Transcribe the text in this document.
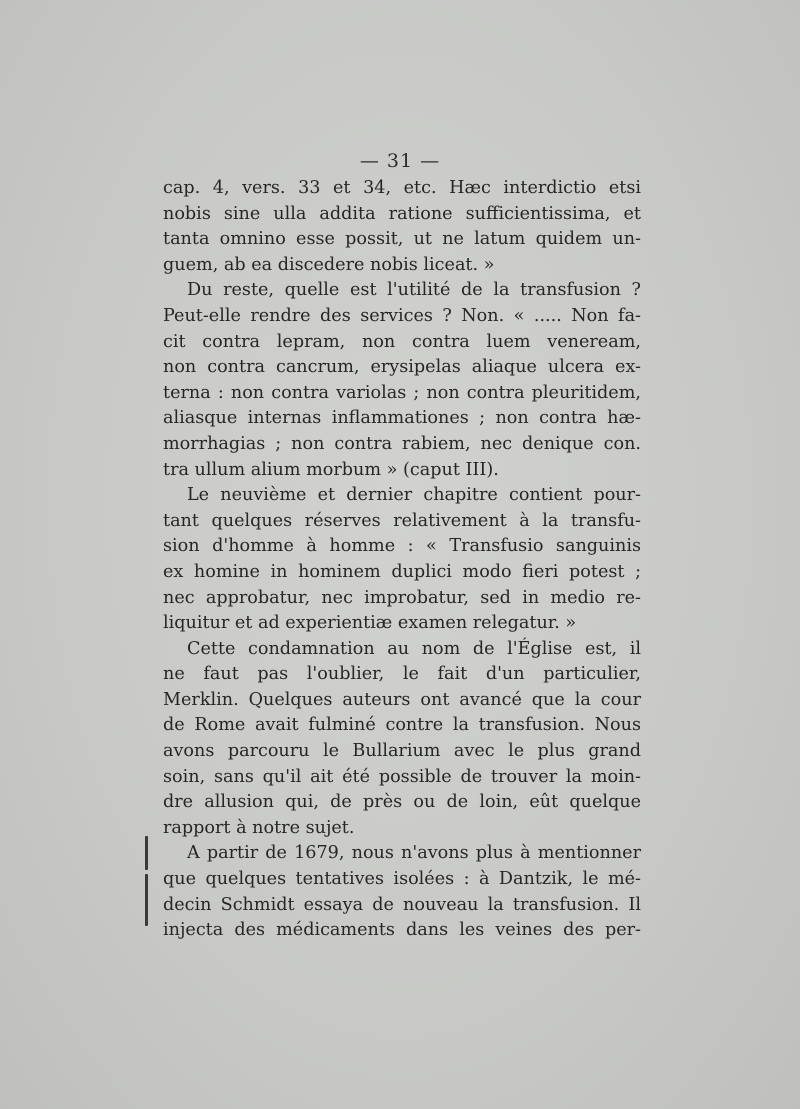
— 31 —
cap. 4, vers. 33 et 34, etc. Hæc interdictio etsi
nobis sine ulla addita ratione sufficientissima, et
tanta omnino esse possit, ut ne latum quidem un-
guem, ab ea discedere nobis liceat. »
Du reste, quelle est l'utilité de la transfusion ?
Peut-elle rendre des services ? Non. « ..... Non fa-
cit contra lepram, non contra luem veneream,
non contra cancrum, erysipelas aliaque ulcera ex-
terna : non contra variolas ; non contra pleuritidem,
aliasque internas inflammationes ; non contra hæ-
morrhagias ; non contra rabiem, nec denique con.
tra ullum alium morbum » (caput III).
Le neuvième et dernier chapitre contient pour-
tant quelques réserves relativement à la transfu-
sion d'homme à homme : « Transfusio sanguinis
ex homine in hominem duplici modo fieri potest ;
nec approbatur, nec improbatur, sed in medio re-
liquitur et ad experientiæ examen relegatur. »
Cette condamnation au nom de l'Église est, il
ne faut pas l'oublier, le fait d'un particulier,
Merklin. Quelques auteurs ont avancé que la cour
de Rome avait fulminé contre la transfusion. Nous
avons parcouru le Bullarium avec le plus grand
soin, sans qu'il ait été possible de trouver la moin-
dre allusion qui, de près ou de loin, eût quelque
rapport à notre sujet.
A partir de 1679, nous n'avons plus à mentionner
que quelques tentatives isolées : à Dantzik, le mé-
decin Schmidt essaya de nouveau la transfusion. Il
injecta des médicaments dans les veines des per-
